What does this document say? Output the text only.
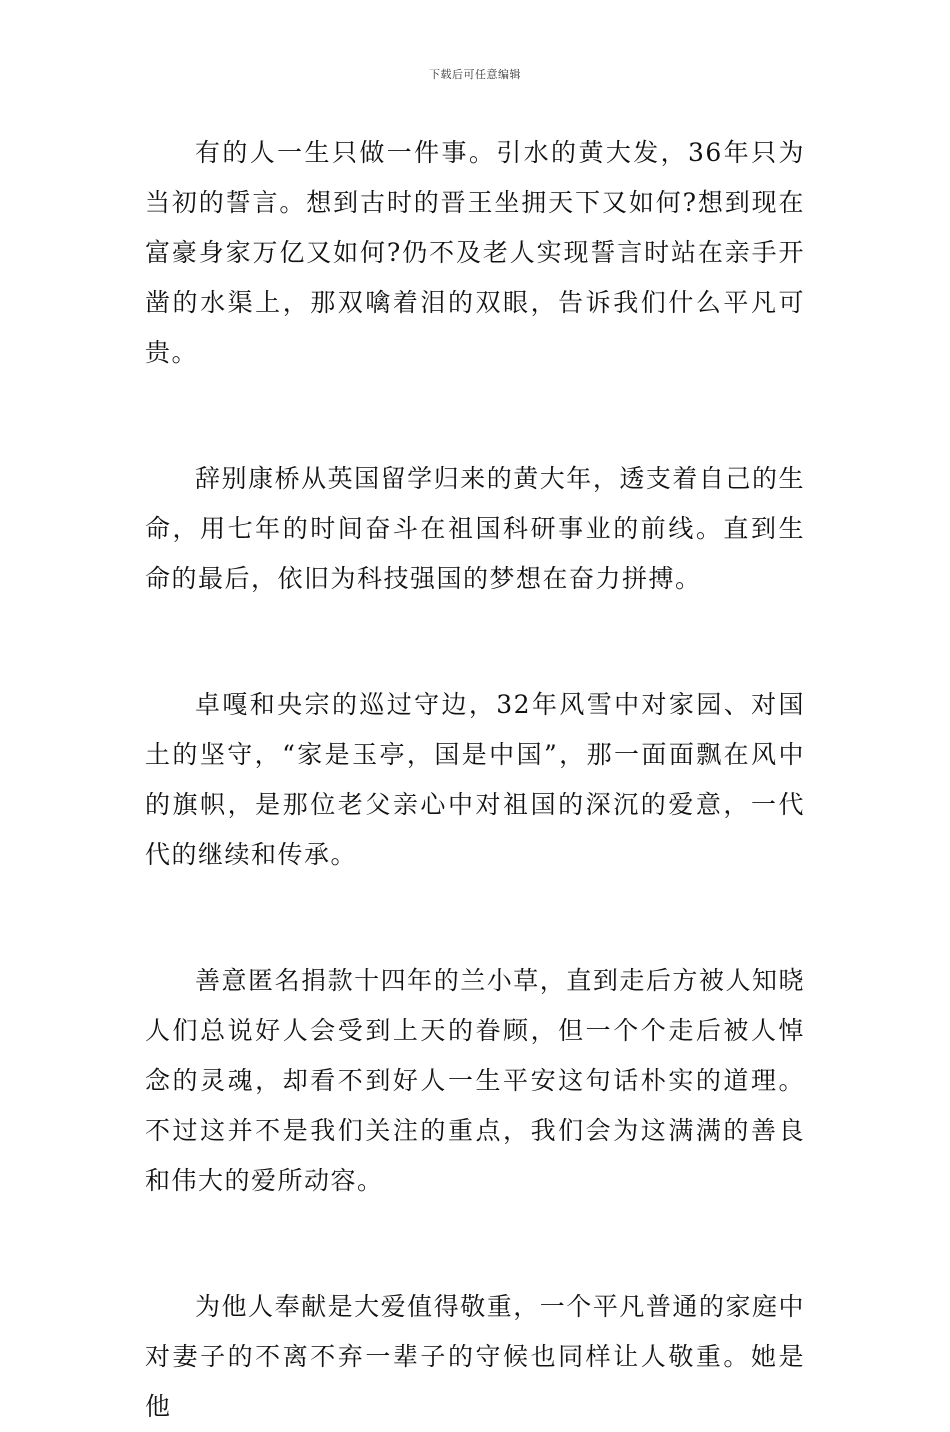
下载后可任意编辑

有的人一生只做一件事。引水的黄大发，36年只为当初的誓言。想到古时的晋王坐拥天下又如何?想到现在富豪身家万亿又如何?仍不及老人实现誓言时站在亲手开凿的水渠上，那双噙着泪的双眼，告诉我们什么平凡可贵。

辞别康桥从英国留学归来的黄大年，透支着自己的生命，用七年的时间奋斗在祖国科研事业的前线。直到生命的最后，依旧为科技强国的梦想在奋力拼搏。

卓嘎和央宗的巡过守边，32年风雪中对家园、对国土的坚守，“家是玉亭，国是中国”，那一面面飘在风中的旗帜，是那位老父亲心中对祖国的深沉的爱意，一代代的继续和传承。

善意匿名捐款十四年的兰小草，直到走后方被人知晓人们总说好人会受到上天的眷顾，但一个个走后被人悼念的灵魂，却看不到好人一生平安这句话朴实的道理。不过这并不是我们关注的重点，我们会为这满满的善良和伟大的爱所动容。

为他人奉献是大爱值得敬重，一个平凡普通的家庭中对妻子的不离不弃一辈子的守候也同样让人敬重。她是他
